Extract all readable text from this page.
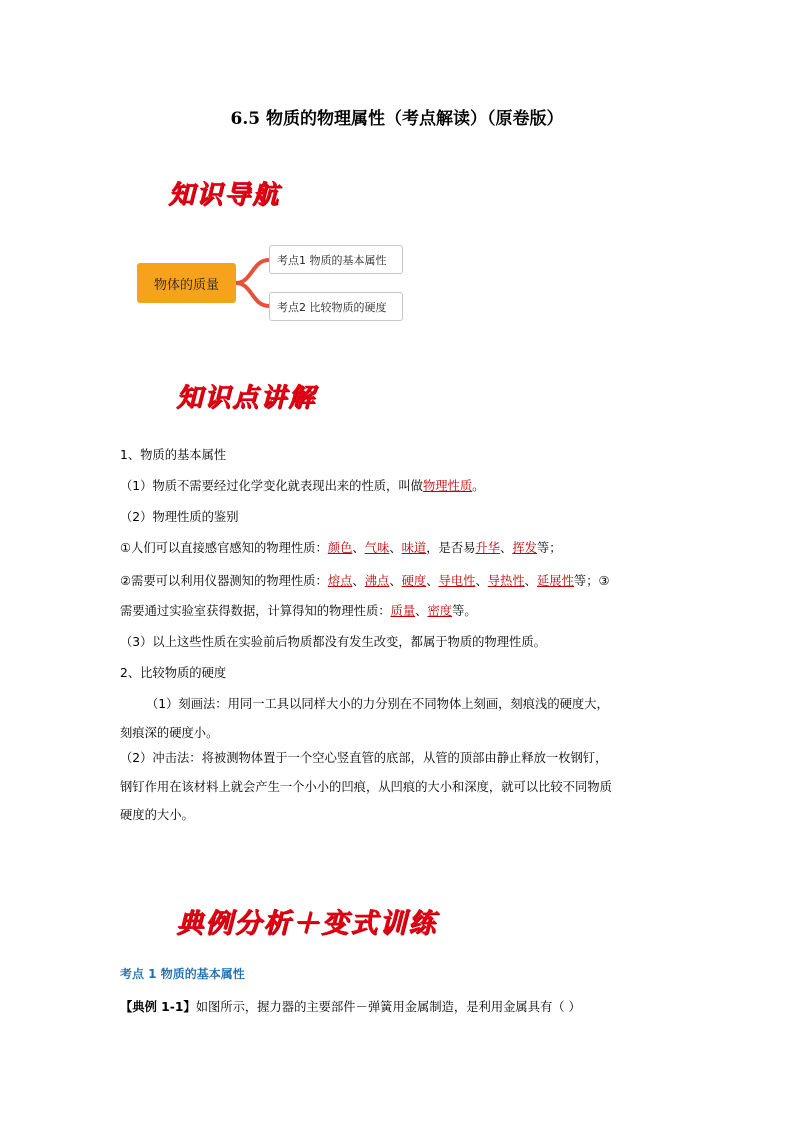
6.5 物质的物理属性（考点解读）（原卷版）
知识导航
物体的质量
考点1 物质的基本属性
考点2 比较物质的硬度
知识点讲解
1、物质的基本属性
（1）物质不需要经过化学变化就表现出来的性质，叫做物理性质。
（2）物理性质的鉴别
①人们可以直接感官感知的物理性质：颜色、气味、味道，是否易升华、挥发等；
②需要可以利用仪器测知的物理性质：熔点、沸点、硬度、导电性、导热性、延展性等；③
需要通过实验室获得数据，计算得知的物理性质：质量、密度等。
（3）以上这些性质在实验前后物质都没有发生改变，都属于物质的物理性质。
2、比较物质的硬度
（1）刻画法：用同一工具以同样大小的力分别在不同物体上刻画，刻痕浅的硬度大，
刻痕深的硬度小。
（2）冲击法：将被测物体置于一个空心竖直管的底部，从管的顶部由静止释放一枚钢钉，
钢钉作用在该材料上就会产生一个小小的凹痕，从凹痕的大小和深度，就可以比较不同物质
硬度的大小。
典例分析＋变式训练
考点 1 物质的基本属性
【典例 1-1】如图所示，握力器的主要部件－弹簧用金属制造，是利用金属具有（ ）
